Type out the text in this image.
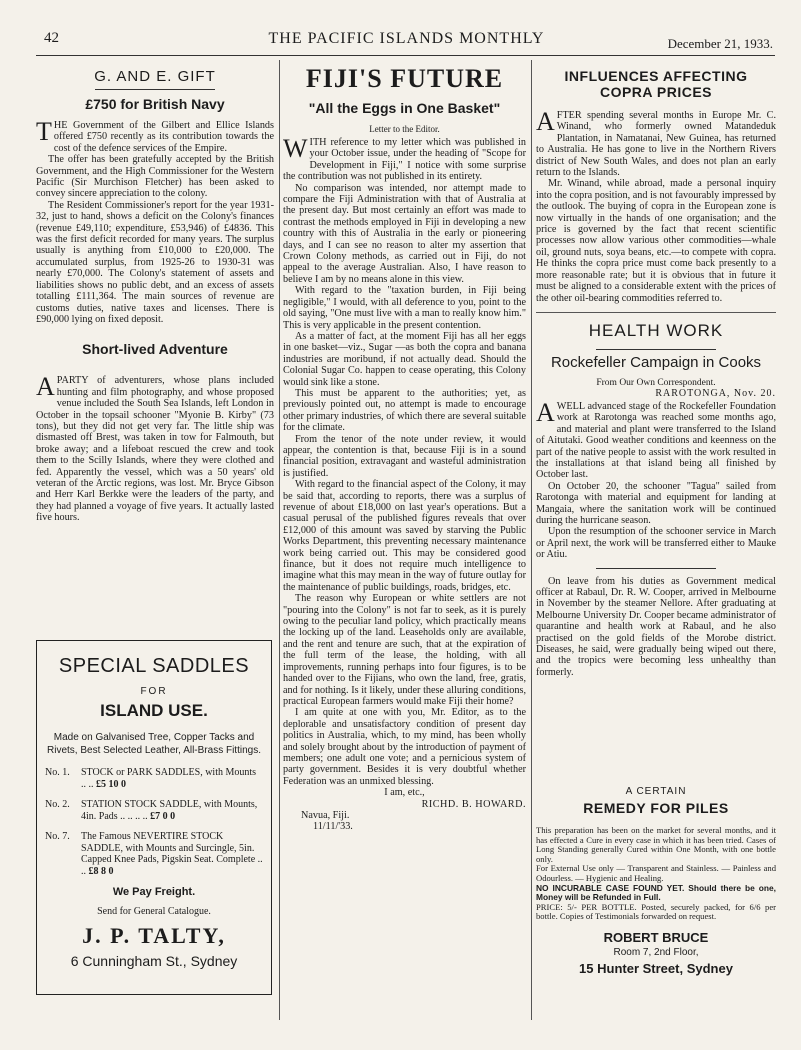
42	THE PACIFIC ISLANDS MONTHLY	December 21, 1933.
G. AND E. GIFT
£750 for British Navy

THE Government of the Gilbert and Ellice Islands offered £750 recently as its contribution towards the cost of the defence services of the Empire.

The offer has been gratefully accepted by the British Government, and the High Commissioner for the Western Pacific (Sir Murchison Fletcher) has been asked to convey sincere appreciation to the colony.

The Resident Commissioner's report for the year 1931-32, just to hand, shows a deficit on the Colony's finances (revenue £49,110; expenditure, £53,946) of £4836. This was the first deficit recorded for many years. The surplus usually is anything from £10,000 to £20,000. The accumulated surplus, from 1925-26 to 1930-31 was nearly £70,000. The Colony's statement of assets and liabilities shows no public debt, and an excess of assets totalling £111,364. The main sources of revenue are customs duties, native taxes and licenses. There is £90,000 lying on fixed deposit.

Short-lived Adventure

APARTY of adventurers, whose plans included hunting and film photography, and whose proposed venue included the South Sea Islands, left London in October in the topsail schooner "Myonie B. Kirby" (73 tons), but they did not get very far. The little ship was dismasted off Brest, was taken in tow for Falmouth, but broke away; and a lifeboat rescued the crew and took them to the Scilly Islands, where they were clothed and fed. Apparently the vessel, which was a 50 years' old veteran of the Arctic regions, was lost. Mr. Bryce Gibson and Herr Karl Berkke were the leaders of the party, and they had planned a voyage of five years. It actually lasted five hours.

SPECIAL SADDLES
FOR
ISLAND USE.
Made on Galvanised Tree, Copper Tacks and Rivets, Best Selected Leather, All-Brass Fittings.
No. 1.	STOCK or PARK SADDLES, with Mounts .. .. £5 10 0
No. 2.	STATION STOCK SADDLE, with Mounts, 4in. Pads .. .. .. .. £7 0 0
No. 7.	The Famous NEVERTIRE STOCK SADDLE, with Mounts and Surcingle, 5in. Capped Knee Pads, Pigskin Seat. Complete .. .. £8 8 0
We Pay Freight.
Send for General Catalogue.
J. P. TALTY,
6 Cunningham St., Sydney
FIJI'S FUTURE
"All the Eggs in One Basket"
Letter to the Editor.

WITH reference to my letter which was published in your October issue, under the heading of "Scope for Development in Fiji," I notice with some surprise the contribution was not published in its entirety.

No comparison was intended, nor attempt made to compare the Fiji Administration with that of Australia at the present day. But most certainly an effort was made to contrast the methods employed in Fiji in developing a new country with this of Australia in the early or pioneering days, and I can see no reason to alter my assertion that Crown Colony methods, as carried out in Fiji, do not appeal to the average Australian. Also, I have reason to believe I am by no means alone in this view.

With regard to the "taxation burden, in Fiji being negligible," I would, with all deference to you, point to the old saying, "One must live with a man to really know him." This is very applicable in the present contention.

As a matter of fact, at the moment Fiji has all her eggs in one basket—viz., Sugar —as both the copra and banana industries are moribund, if not actually dead. Should the Colonial Sugar Co. happen to cease operating, this Colony would sink like a stone.

This must be apparent to the authorities; yet, as previously pointed out, no attempt is made to encourage other primary industries, of which there are several suitable for the climate.

From the tenor of the note under review, it would appear, the contention is that, because Fiji is in a sound financial position, extravagant and wasteful administration is justified.

With regard to the financial aspect of the Colony, it may be said that, according to reports, there was a surplus of revenue of about £18,000 on last year's operations. But a casual perusal of the published figures reveals that over £12,000 of this amount was saved by starving the Public Works Department, this preventing necessary maintenance work being carried out. This may be considered good finance, but it does not require much intelligence to imagine what this may mean in the way of future outlay for the maintenance of public buildings, roads, bridges, etc.

The reason why European or white settlers are not "pouring into the Colony" is not far to seek, as it is purely owing to the peculiar land policy, which practically means the locking up of the land. Leaseholds only are available, and the rent and tenure are such, that at the expiration of the full term of the lease, the holding, with all improvements, running perhaps into four figures, is to be handed over to the Fijians, who own the land, free, gratis, and for nothing. Is it likely, under these alluring conditions, practical European farmers would make Fiji their home?

I am quite at one with you, Mr. Editor, as to the deplorable and unsatisfactory condition of present day politics in Australia, which, to my mind, has been wholly and solely brought about by the introduction of payment of members; one adult one vote; and a pernicious system of party government. Besides it is very doubtful whether Federation was an unmixed blessing.

I am, etc.,
RICHD. B. HOWARD.
Navua, Fiji.
11/11/'33.
INFLUENCES AFFECTING
COPRA PRICES

AFTER spending several months in Europe Mr. C. Winand, who formerly owned Matandeduk Plantation, in Namatanai, New Guinea, has returned to Australia. He has gone to live in the Northern Rivers district of New South Wales, and does not plan an early return to the Islands.

Mr. Winand, while abroad, made a personal inquiry into the copra position, and is not favourably impressed by the outlook. The buying of copra in the European zone is now virtually in the hands of one organisation; and the price is governed by the fact that recent scientific processes now allow various other commodities—whale oil, ground nuts, soya beans, etc.—to compete with copra. He thinks the copra price must come back presently to a more reasonable rate; but it is obvious that in future it must be aligned to a considerable extent with the prices of the other oil-bearing commodities referred to.

HEALTH WORK
Rockefeller Campaign in Cooks
From Our Own Correspondent.
RAROTONGA, Nov. 20.

AWELL advanced stage of the Rockefeller Foundation work at Rarotonga was reached some months ago, and material and plant were transferred to the Island of Aitutaki. Good weather conditions and keenness on the part of the native people to assist with the work resulted in the installations at that island being all finished by October last.

On October 20, the schooner "Tagua" sailed from Rarotonga with material and equipment for landing at Mangaia, where the sanitation work will be continued during the hurricane season.

Upon the resumption of the schooner service in March or April next, the work will be transferred either to Mauke or Atiu.

On leave from his duties as Government medical officer at Rabaul, Dr. R. W. Cooper, arrived in Melbourne in November by the steamer Nellore. After graduating at Melbourne University Dr. Cooper became administrator of quarantine and health work at Rabaul, and he also practised on the gold fields of the Morobe district. Diseases, he said, were gradually being wiped out there, and the tropics were becoming less unhealthy than formerly.

A CERTAIN
REMEDY FOR PILES

This preparation has been on the market for several months, and it has effected a Cure in every case in which it has been tried. Cases of Long Standing generally Cured within One Month, with one bottle only.

For External Use only — Transparent and Stainless. — Painless and Odourless. — Hygienic and Healing.

NO INCURABLE CASE FOUND YET. Should there be one, Money will be Refunded in Full.

PRICE: 5/- PER BOTTLE. Posted, securely packed, for 6/6 per bottle. Copies of Testimonials forwarded on request.

ROBERT BRUCE
Room 7, 2nd Floor,
15 Hunter Street, Sydney
